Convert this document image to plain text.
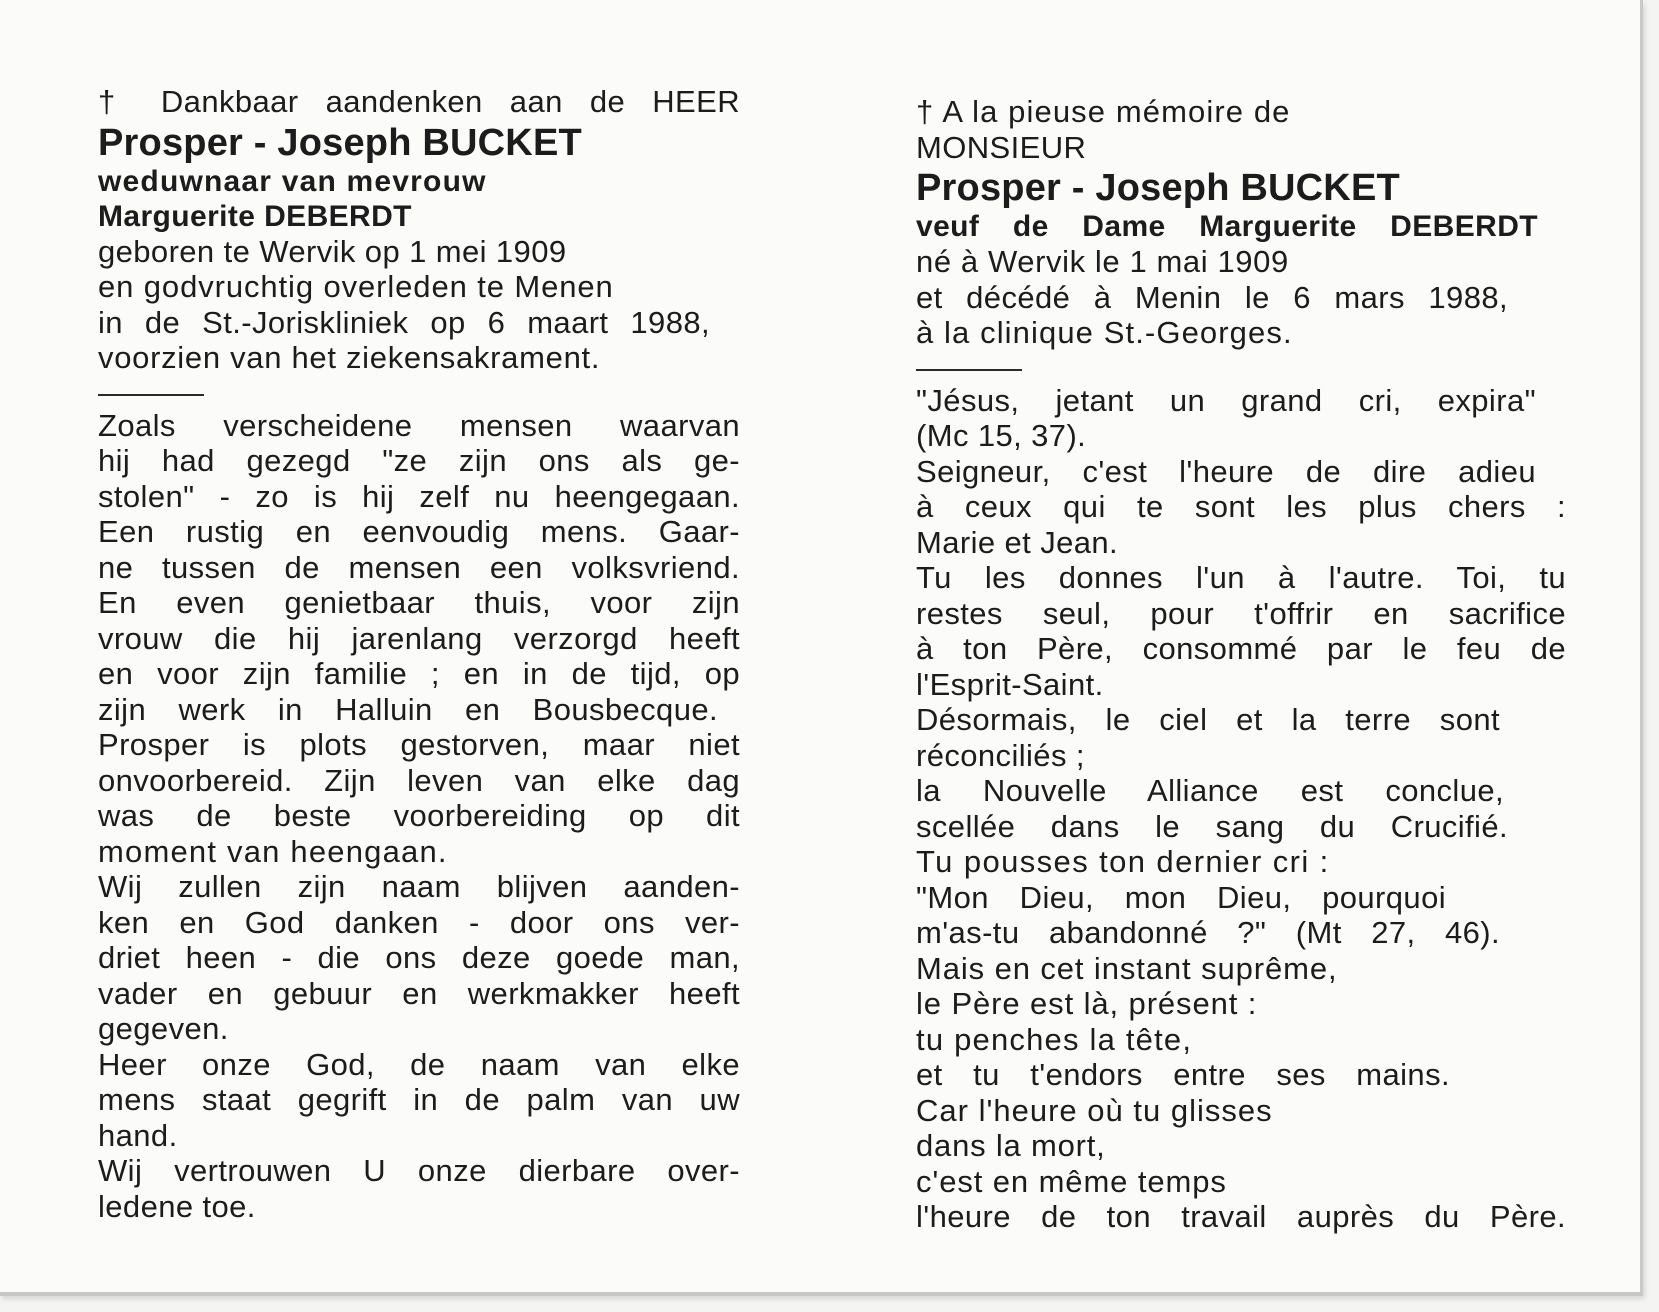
† Dankbaar aandenken aan de HEER
Prosper - Joseph BUCKET
weduwnaar van mevrouw
Marguerite DEBERDT
geboren te Wervik op 1 mei 1909
en godvruchtig overleden te Menen
in de St.-Joriskliniek op 6 maart 1988,
voorzien van het ziekensakrament.
Zoals verscheidene mensen waarvan
hij had gezegd "ze zijn ons als ge-
stolen" - zo is hij zelf nu heengegaan.
Een rustig en eenvoudig mens. Gaar-
ne tussen de mensen een volksvriend.
En even genietbaar thuis, voor zijn
vrouw die hij jarenlang verzorgd heeft
en voor zijn familie ; en in de tijd, op
zijn werk in Halluin en Bousbecque.
Prosper is plots gestorven, maar niet
onvoorbereid. Zijn leven van elke dag
was de beste voorbereiding op dit
moment van heengaan.
Wij zullen zijn naam blijven aanden-
ken en God danken - door ons ver-
driet heen - die ons deze goede man,
vader en gebuur en werkmakker heeft
gegeven.
Heer onze God, de naam van elke
mens staat gegrift in de palm van uw
hand.
Wij vertrouwen U onze dierbare over-
ledene toe.
† A la pieuse mémoire de
MONSIEUR
Prosper - Joseph BUCKET
veuf de Dame Marguerite DEBERDT
né à Wervik le 1 mai 1909
et décédé à Menin le 6 mars 1988,
à la clinique St.-Georges.
"Jésus, jetant un grand cri, expira"
(Mc 15, 37).
Seigneur, c'est l'heure de dire adieu
à ceux qui te sont les plus chers :
Marie et Jean.
Tu les donnes l'un à l'autre. Toi, tu
restes seul, pour t'offrir en sacrifice
à ton Père, consommé par le feu de
l'Esprit-Saint.
Désormais, le ciel et la terre sont
réconciliés ;
la Nouvelle Alliance est conclue,
scellée dans le sang du Crucifié.
Tu pousses ton dernier cri :
"Mon Dieu, mon Dieu, pourquoi
m'as-tu abandonné ?" (Mt 27, 46).
Mais en cet instant suprême,
le Père est là, présent :
tu penches la tête,
et tu t'endors entre ses mains.
Car l'heure où tu glisses
dans la mort,
c'est en même temps
l'heure de ton travail auprès du Père.
